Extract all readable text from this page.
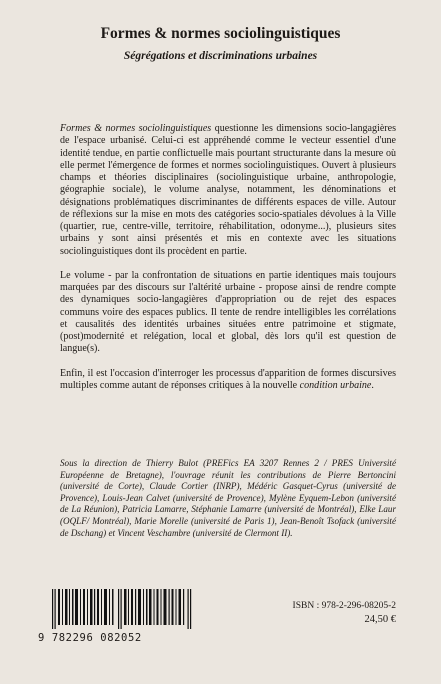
Formes & normes sociolinguistiques
Ségrégations et discriminations urbaines

Formes & normes sociolinguistiques questionne les dimensions socio-langagières de l'espace urbanisé. Celui-ci est appréhendé comme le vecteur essentiel d'une identité tendue, en partie conflictuelle mais pourtant structurante dans la mesure où elle permet l'émergence de formes et normes sociolinguistiques. Ouvert à plusieurs champs et théories disciplinaires (sociolinguistique urbaine, anthropologie, géographie sociale), le volume analyse, notamment, les dénominations et désignations problématiques discriminantes de différents espaces de ville. Autour de réflexions sur la mise en mots des catégories socio-spatiales dévolues à la Ville (quartier, rue, centre-ville, territoire, réhabilitation, odonyme...), plusieurs sites urbains y sont ainsi présentés et mis en contexte avec les situations sociolinguistiques dont ils procèdent en partie.

Le volume - par la confrontation de situations en partie identiques mais toujours marquées par des discours sur l'altérité urbaine - propose ainsi de rendre compte des dynamiques socio-langagières d'appropriation ou de rejet des espaces communs voire des espaces publics. Il tente de rendre intelligibles les corrélations et causalités des identités urbaines situées entre patrimoine et stigmate, (post)modernité et relégation, local et global, dès lors qu'il est question de langue(s).

Enfin, il est l'occasion d'interroger les processus d'apparition de formes discursives multiples comme autant de réponses critiques à la nouvelle condition urbaine.

Sous la direction de Thierry Bulot (PREFics EA 3207 Rennes 2 / PRES Université Européenne de Bretagne), l'ouvrage réunit les contributions de Pierre Bertoncini (université de Corte), Claude Cortier (INRP), Médéric Gasquet-Cyrus (université de Provence), Louis-Jean Calvet (université de Provence), Mylène Eyquem-Lebon (université de La Réunion), Patricia Lamarre, Stéphanie Lamarre (université de Montréal), Elke Laur (OQLF/ Montréal), Marie Morelle (université de Paris 1), Jean-Benoît Tsofack (université de Dschang) et Vincent Veschambre (université de Clermont II).
9 782296 082052
ISBN : 978-2-296-08205-2
24,50 €
